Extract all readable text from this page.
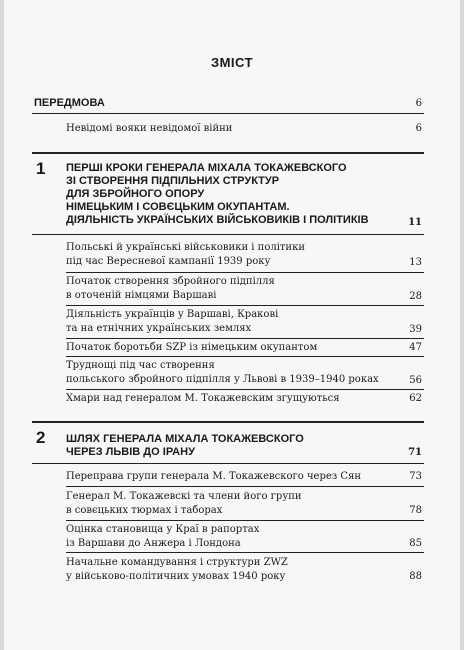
ЗМІСТ
ПЕРЕДМОВА	6
Невідомі вояки невідомої війни	6
1 ПЕРШІ КРОКИ ГЕНЕРАЛА МІХАЛА ТОКАЖЕВСКОГО
ЗІ СТВОРЕННЯ ПІДПІЛЬНИХ СТРУКТУР
ДЛЯ ЗБРОЙНОГО ОПОРУ
НІМЕЦЬКИМ І СОВЄЦЬКИМ ОКУПАНТАМ.
ДІЯЛЬНІСТЬ УКРАЇНСЬКИХ ВІЙСЬКОВИКІВ І ПОЛІТИКІВ	11
Польські й українські військовики і політики
під час Вересневої кампанії 1939 року	13
Початок створення збройного підпілля
в оточеній німцями Варшаві	28
Діяльність українців у Варшаві, Кракові
та на етнічних українських землях	39
Початок боротьби SZP із німецьким окупантом	47
Труднощі під час створення
польського збройного підпілля у Львові в 1939–1940 роках	56
Хмари над генералом М. Токажевским згущуються	62
2 ШЛЯХ ГЕНЕРАЛА МІХАЛА ТОКАЖЕВСКОГО
ЧЕРЕЗ ЛЬВІВ ДО ІРАНУ	71
Переправа групи генерала М. Токажевского через Сян	73
Генерал М. Токажевскі та члени його групи
в совєцьких тюрмах і таборах	78
Оцінка становища у Краї в рапортах
із Варшави до Анжера і Лондона	85
Начальне командування і структури ZWZ
у військово-політичних умовах 1940 року	88
